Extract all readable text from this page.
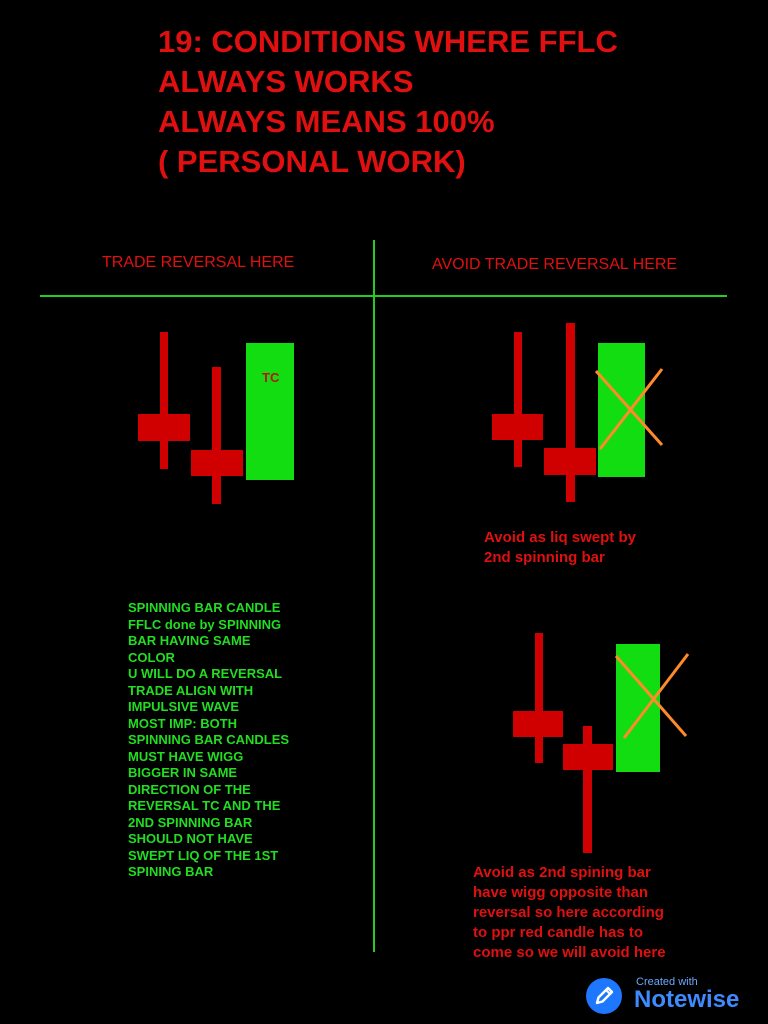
19: CONDITIONS WHERE FFLC
ALWAYS WORKS
ALWAYS MEANS 100%
( PERSONAL WORK)
TRADE REVERSAL HERE	AVOID TRADE REVERSAL HERE
TC
Avoid as liq swept by
2nd spinning bar
Avoid as 2nd spining bar
have wigg opposite than
reversal so here according
to ppr red candle has to
come so we will avoid here
SPINNING BAR CANDLE
FFLC done by SPINNING
BAR HAVING SAME
COLOR
U WILL DO A REVERSAL
TRADE ALIGN WITH
IMPULSIVE WAVE
MOST IMP: BOTH
SPINNING BAR CANDLES
MUST HAVE WIGG
BIGGER IN SAME
DIRECTION OF THE
REVERSAL TC AND THE
2ND SPINNING BAR
SHOULD NOT HAVE
SWEPT LIQ OF THE 1ST
SPINING BAR
Created with
Notewise
